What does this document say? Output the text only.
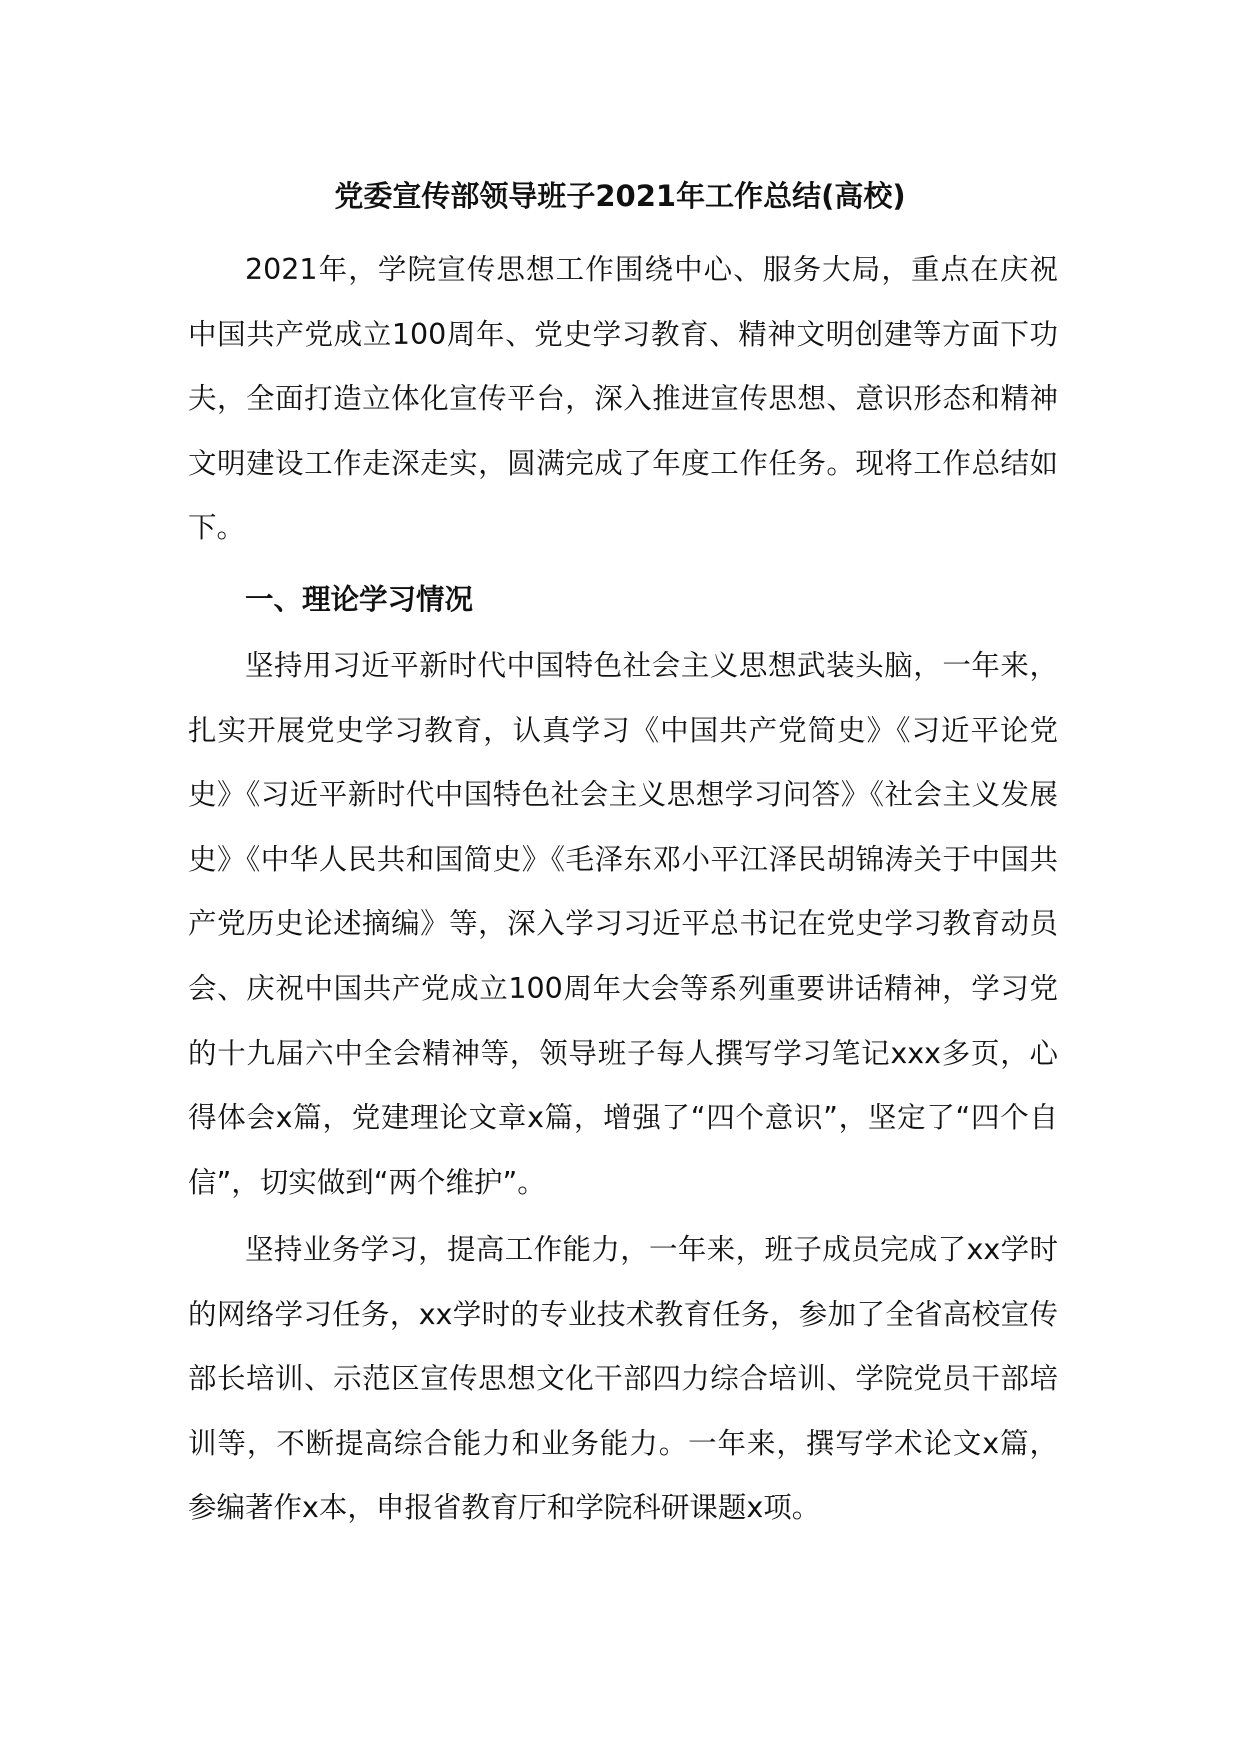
党委宣传部领导班子2021年工作总结(高校)

2021年，学院宣传思想工作围绕中心、服务大局，重点在庆祝中国共产党成立100周年、党史学习教育、精神文明创建等方面下功夫，全面打造立体化宣传平台，深入推进宣传思想、意识形态和精神文明建设工作走深走实，圆满完成了年度工作任务。现将工作总结如下。

一、理论学习情况

坚持用习近平新时代中国特色社会主义思想武装头脑，一年来，扎实开展党史学习教育，认真学习《中国共产党简史》《习近平论党史》《习近平新时代中国特色社会主义思想学习问答》《社会主义发展史》《中华人民共和国简史》《毛泽东邓小平江泽民胡锦涛关于中国共产党历史论述摘编》等，深入学习习近平总书记在党史学习教育动员会、庆祝中国共产党成立100周年大会等系列重要讲话精神，学习党的十九届六中全会精神等，领导班子每人撰写学习笔记xxx多页，心得体会x篇，党建理论文章x篇，增强了“四个意识”，坚定了“四个自信”，切实做到“两个维护”。

坚持业务学习，提高工作能力，一年来，班子成员完成了xx学时的网络学习任务，xx学时的专业技术教育任务，参加了全省高校宣传部长培训、示范区宣传思想文化干部四力综合培训、学院党员干部培训等，不断提高综合能力和业务能力。一年来，撰写学术论文x篇，参编著作x本，申报省教育厅和学院科研课题x项。
